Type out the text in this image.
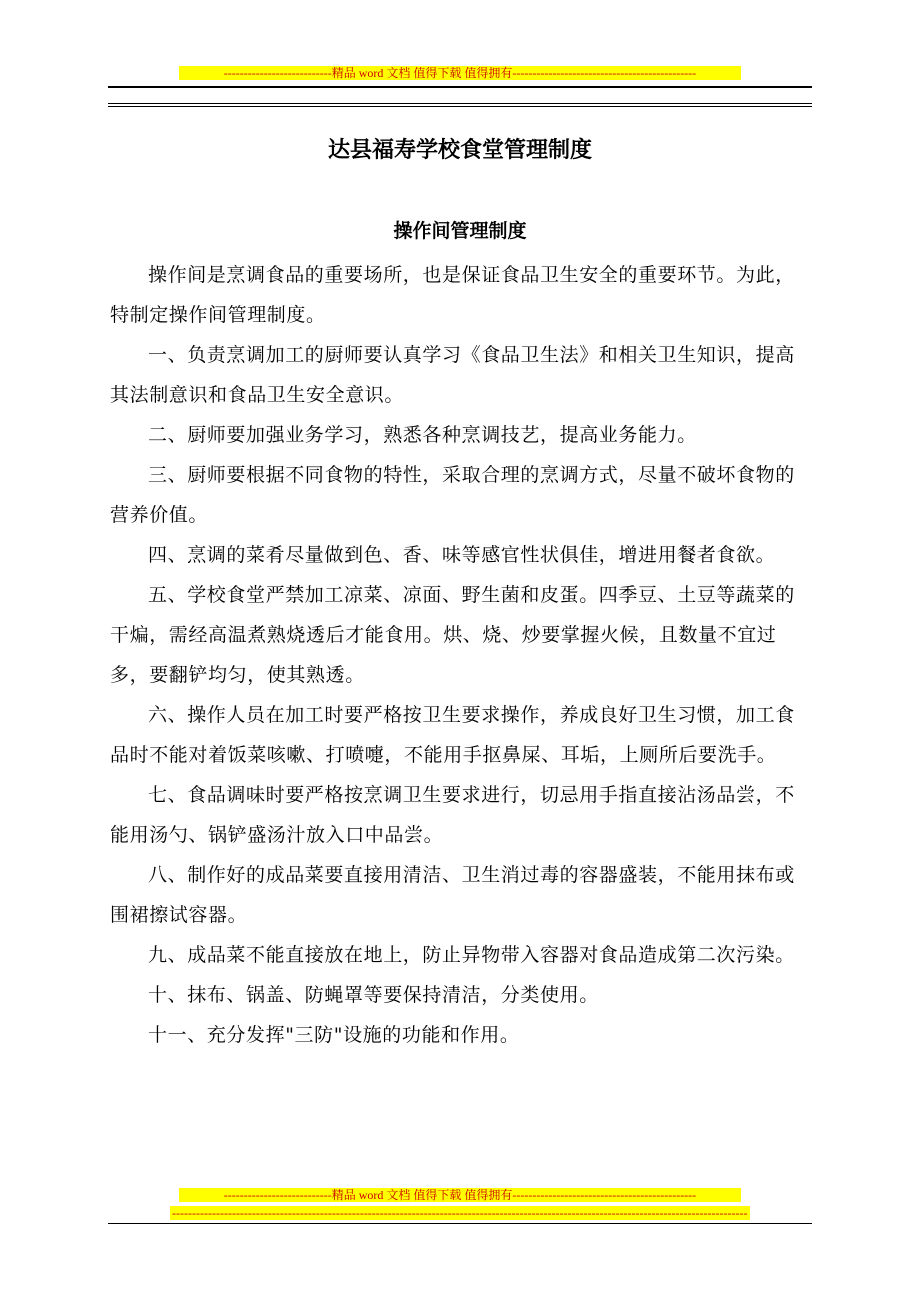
---------------------------精品 word 文档 值得下载 值得拥有----------------------------------------------
达县福寿学校食堂管理制度
操作间管理制度

操作间是烹调食品的重要场所，也是保证食品卫生安全的重要环节。为此，特制定操作间管理制度。

一、负责烹调加工的厨师要认真学习《食品卫生法》和相关卫生知识，提高其法制意识和食品卫生安全意识。

二、厨师要加强业务学习，熟悉各种烹调技艺，提高业务能力。

三、厨师要根据不同食物的特性，采取合理的烹调方式，尽量不破坏食物的营养价值。

四、烹调的菜肴尽量做到色、香、味等感官性状俱佳，增进用餐者食欲。

五、学校食堂严禁加工凉菜、凉面、野生菌和皮蛋。四季豆、土豆等蔬菜的干煸，需经高温煮熟烧透后才能食用。烘、烧、炒要掌握火候，且数量不宜过多，要翻铲均匀，使其熟透。

六、操作人员在加工时要严格按卫生要求操作，养成良好卫生习惯，加工食品时不能对着饭菜咳嗽、打喷嚏，不能用手抠鼻屎、耳垢，上厕所后要洗手。

七、食品调味时要严格按烹调卫生要求进行，切忌用手指直接沾汤品尝，不能用汤勺、锅铲盛汤汁放入口中品尝。

八、制作好的成品菜要直接用清洁、卫生消过毒的容器盛装，不能用抹布或围裙擦试容器。

九、成品菜不能直接放在地上，防止异物带入容器对食品造成第二次污染。

十、抹布、锅盖、防蝇罩等要保持清洁，分类使用。

十一、充分发挥"三防"设施的功能和作用。

---------------------------精品 word 文档 值得下载 值得拥有----------------------------------------------
------------------------------------------------------------------------------------------------------------------------------------------------
